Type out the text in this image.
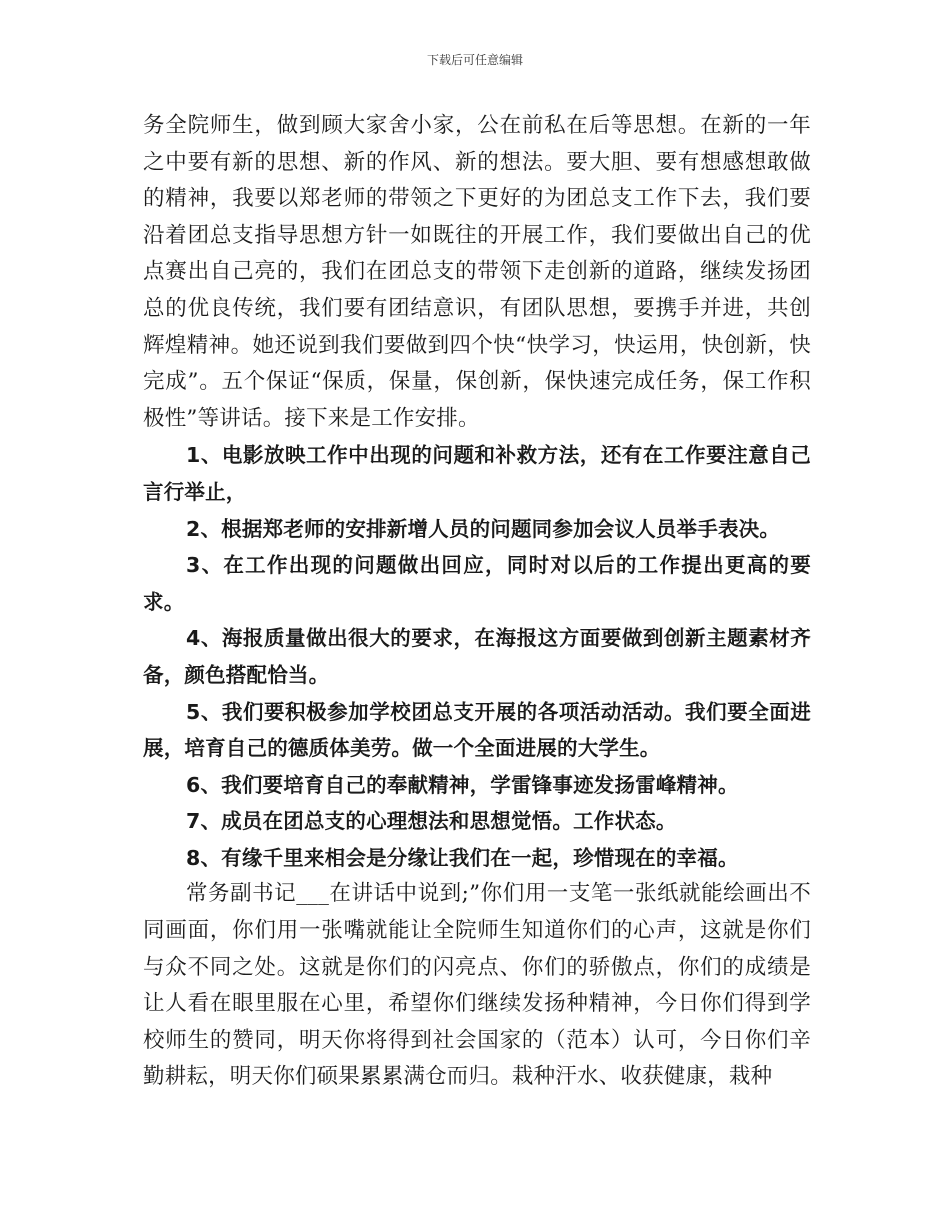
下载后可任意编辑

务全院师生，做到顾大家舍小家，公在前私在后等思想。在新的一年之中要有新的思想、新的作风、新的想法。要大胆、要有想感想敢做的精神，我要以郑老师的带领之下更好的为团总支工作下去，我们要沿着团总支指导思想方针一如既往的开展工作，我们要做出自己的优点赛出自己亮的，我们在团总支的带领下走创新的道路，继续发扬团总的优良传统，我们要有团结意识，有团队思想，要携手并进，共创辉煌精神。她还说到我们要做到四个快“快学习，快运用，快创新，快完成”。五个保证“保质，保量，保创新，保快速完成任务，保工作积极性”等讲话。接下来是工作安排。

1、电影放映工作中出现的问题和补救方法，还有在工作要注意自己言行举止，

2、根据郑老师的安排新增人员的问题同参加会议人员举手表决。

3、在工作出现的问题做出回应，同时对以后的工作提出更高的要求。

4、海报质量做出很大的要求，在海报这方面要做到创新主题素材齐备，颜色搭配恰当。

5、我们要积极参加学校团总支开展的各项活动活动。我们要全面进展，培育自己的德质体美劳。做一个全面进展的大学生。

6、我们要培育自己的奉献精神，学雷锋事迹发扬雷峰精神。

7、成员在团总支的心理想法和思想觉悟。工作状态。

8、有缘千里来相会是分缘让我们在一起，珍惜现在的幸福。

常务副书记___在讲话中说到;”你们用一支笔一张纸就能绘画出不同画面，你们用一张嘴就能让全院师生知道你们的心声，这就是你们与众不同之处。这就是你们的闪亮点、你们的骄傲点，你们的成绩是让人看在眼里服在心里，希望你们继续发扬种精神，今日你们得到学校师生的赞同，明天你将得到社会国家的（范本）认可，今日你们辛勤耕耘，明天你们硕果累累满仓而归。栽种汗水、收获健康，栽种
